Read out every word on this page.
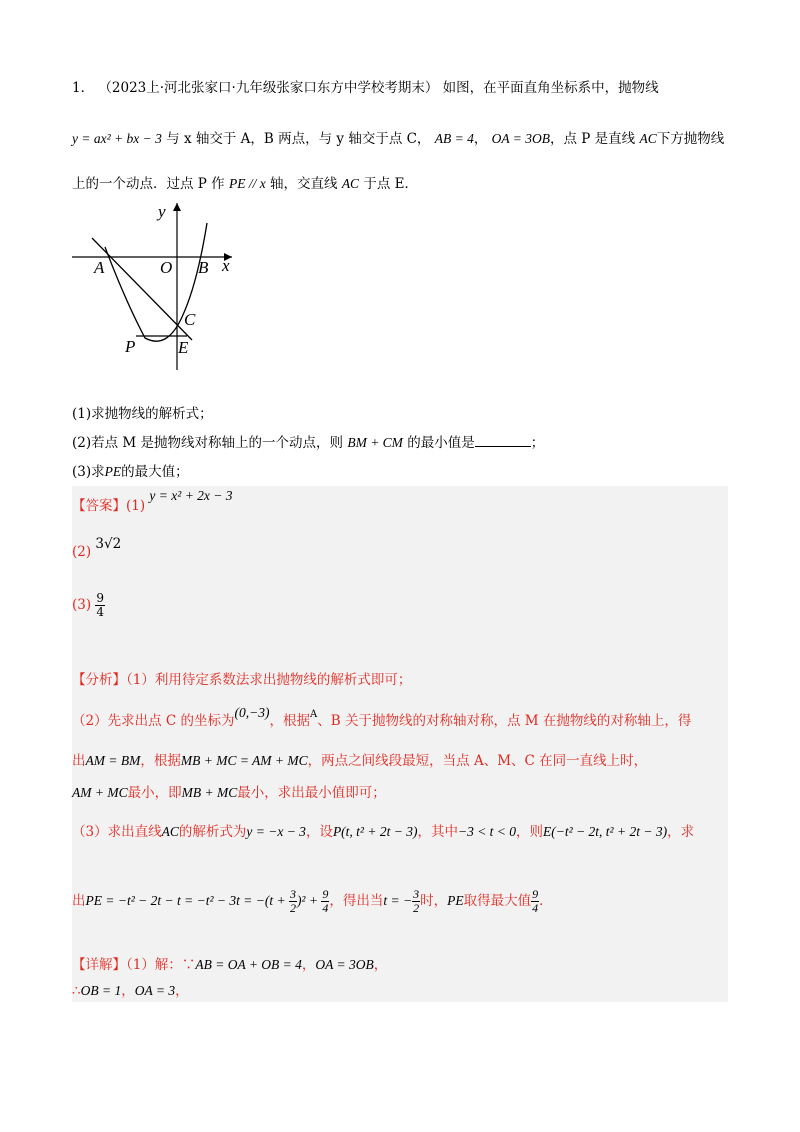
1． （2023上·河北张家口·九年级张家口东方中学校考期末） 如图，在平面直角坐标系中，抛物线
y = ax² + bx − 3 与 x 轴交于 A，B 两点，与 y 轴交于点 C， AB = 4， OA = 3OB，点 P 是直线 AC下方抛物线
上的一个动点．过点 P 作 PE // x 轴，交直线 AC 于点 E．
y
x
A	O B
C
P	E
(1)求抛物线的解析式；
(2)若点 M 是抛物线对称轴上的一个动点，则 BM + CM 的最小值是	；
(3)求PE的最大值；
【答案】(1) y = x² + 2x − 3
(2) 3√2
$(3) \frac{9}{4}$
【分析】（1）利用待定系数法求出抛物线的解析式即可；
（2）先求出点 C 的坐标为(0,−3)，根据$^A$、B 关于抛物线的对称轴对称，点 M 在抛物线的对称轴上，得
出AM = BM，根据MB + MC = AM + MC，两点之间线段最短，当点 A、M、C 在同一直线上时，
AM + MC最小，即MB + MC最小，求出最小值即可；
（3）求出直线AC的解析式为y = −x − 3，设P(t, t² + 2t − 3)，其中−3 < t < 0，则E(−t² − 2t, t² + 2t − 3)，求
出PE = $-t^2 - 2t - t = -t^2 - 3t = -(t + \frac{3}{2} )^2 + \frac{9}{4}$ ，得出当t = − $\frac{3}{2}$ 时，PE取得最大值 $\frac{9}{4}$ ．
【详解】（1）解：∵AB = OA + OB = 4，OA = 3OB，
∴OB = 1，OA = 3，
